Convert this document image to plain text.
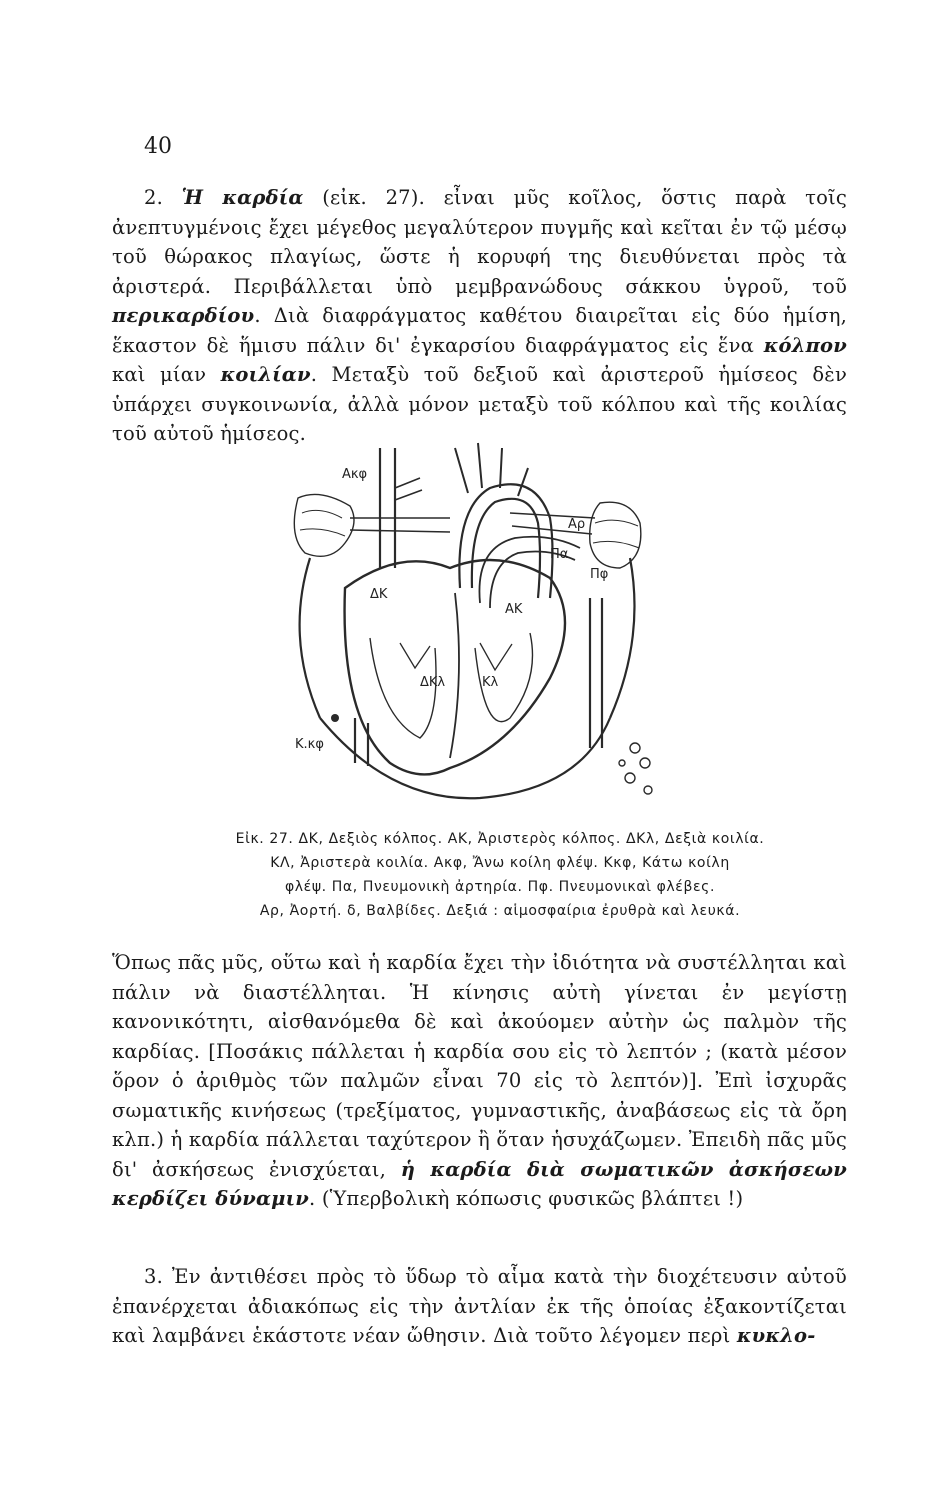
40
2. Ἡ καρδία (εἰκ. 27). εἶναι μῦς κοῖλος, ὅστις παρὰ τοῖς ἀνεπτυγμένοις ἔχει μέγεθος μεγαλύτερον πυγμῆς καὶ κεῖται ἐν τῷ μέσῳ τοῦ θώρακος πλαγίως, ὥστε ἡ κορυφή της διευθύνεται πρὸς τὰ ἀριστερά. Περιβάλλεται ὑπὸ μεμβρανώδους σάκκου ὑγροῦ, τοῦ περικαρδίου. Διὰ διαφράγματος καθέτου διαιρεῖται εἰς δύο ἡμίση, ἕκαστον δὲ ἥμισυ πάλιν δι' ἐγκαρσίου διαφράγματος εἰς ἕνα κόλπον καὶ μίαν κοιλίαν. Μεταξὺ τοῦ δεξιοῦ καὶ ἀριστεροῦ ἡμίσεος δὲν ὑπάρχει συγκοινωνία, ἀλλὰ μόνον μεταξὺ τοῦ κόλπου καὶ τῆς κοιλίας τοῦ αὐτοῦ ἡμίσεος.
Ακφ
Κ.κφ
Πφ
ΔΚ
ΑΚ
ΔΚλ	Κλ
Αρ
Πα
Εἰκ. 27. ΔΚ, Δεξιὸς κόλπος. ΑΚ, Ἀριστερὸς κόλπος. ΔΚλ, Δεξιὰ κοιλία.
ΚΛ, Ἀριστερὰ κοιλία. Ακφ, Ἄνω κοίλη φλέψ. Κκφ, Κάτω κοίλη
φλέψ. Πα, Πνευμονικὴ ἀρτηρία. Πφ. Πνευμονικαὶ φλέβες.
Αρ, Ἀορτή. δ, Βαλβίδες. Δεξιά : αἱμοσφαίρια ἐρυθρὰ καὶ λευκά.
Ὅπως πᾶς μῦς, οὕτω καὶ ἡ καρδία ἔχει τὴν ἰδιότητα νὰ συστέλληται καὶ πάλιν νὰ διαστέλληται. Ἡ κίνησις αὐτὴ γίνεται ἐν μεγίστῃ κανονικότητι, αἰσθανόμεθα δὲ καὶ ἀκούομεν αὐτὴν ὡς παλμὸν τῆς καρδίας. [Ποσάκις πάλλεται ἡ καρδία σου εἰς τὸ λεπτόν ; (κατὰ μέσον ὅρον ὁ ἀριθμὸς τῶν παλμῶν εἶναι 70 εἰς τὸ λεπτόν)]. Ἐπὶ ἰσχυρᾶς σωματικῆς κινήσεως (τρεξίματος, γυμναστικῆς, ἀναβάσεως εἰς τὰ ὄρη κλπ.) ἡ καρδία πάλλεται ταχύτερον ἢ ὅταν ἡσυχάζωμεν. Ἐπειδὴ πᾶς μῦς δι' ἀσκήσεως ἐνισχύεται, ἡ καρδία διὰ σωματικῶν ἀσκήσεων κερδίζει δύναμιν. (Ὑπερβολικὴ κόπωσις φυσικῶς βλάπτει !)
3. Ἐν ἀντιθέσει πρὸς τὸ ὕδωρ τὸ αἷμα κατὰ τὴν διοχέτευσιν αὐτοῦ ἐπανέρχεται ἀδιακόπως εἰς τὴν ἀντλίαν ἐκ τῆς ὁποίας ἐξακοντίζεται καὶ λαμβάνει ἑκάστοτε νέαν ὤθησιν. Διὰ τοῦτο λέγομεν περὶ κυκλο-
